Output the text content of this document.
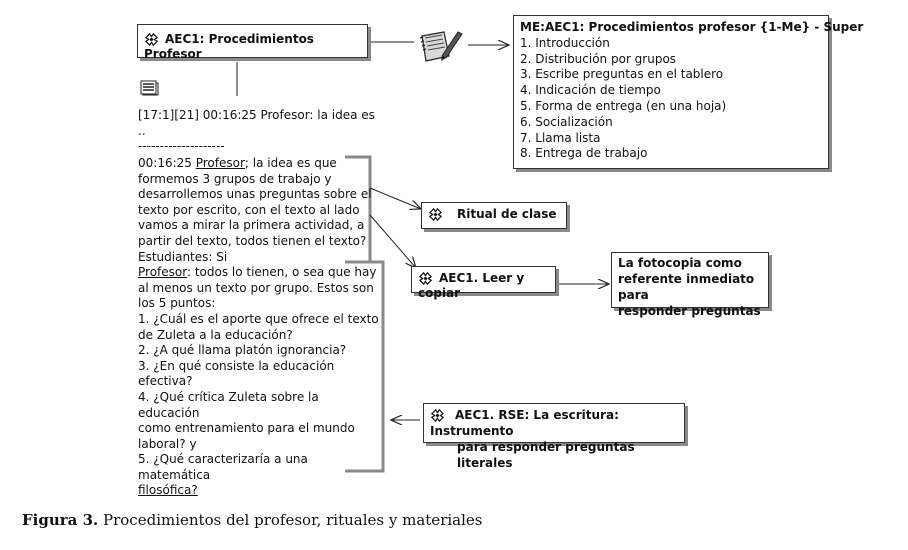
AEC1: Procedimientos Profesor
ME:AEC1: Procedimientos profesor {1-Me} - Super
1. Introducción
2. Distribución por grupos
3. Escribe preguntas en el tablero
4. Indicación de tiempo
5. Forma de entrega (en una hoja)
6. Socialización
7. Llama lista
8. Entrega de trabajo
[17:1][21] 00:16:25 Profesor: la idea es
..
--------------------

00:16:25 Profesor; la idea es que

formemos 3 grupos de trabajo y

desarrollemos unas preguntas sobre el

texto por escrito, con el texto al lado

vamos a mirar la primera actividad, a

partir del texto, todos tienen el texto?

Estudiantes: Si

Profesor: todos lo tienen, o sea que hay

al menos un texto por grupo. Estos son

los 5 puntos:

1. ¿Cuál es el aporte que ofrece el texto

de Zuleta a la educación?

2. ¿A qué llama platón ignorancia?

3. ¿En qué consiste la educación

efectiva?

4. ¿Qué crítica Zuleta sobre la educación

como entrenamiento para el mundo

laboral? y

5. ¿Qué caracterizaría a una matemática

filosófica?

Ritual de clase
AEC1. Leer y copiar
La fotocopia como
referente inmediato para
responder preguntas
AEC1. RSE: La escritura: Instrumento
para responder preguntas literales
Figura 3. Procedimientos del profesor, rituales y materiales
